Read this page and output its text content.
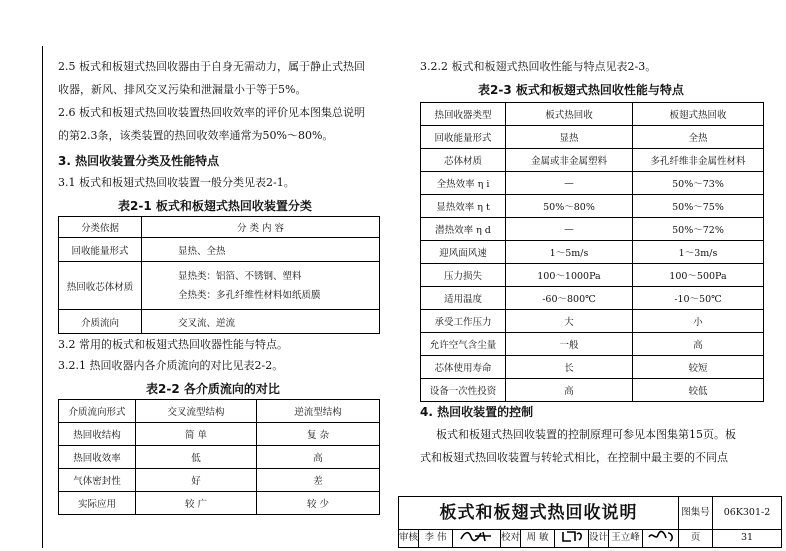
2.5 板式和板翅式热回收器由于自身无需动力，属于静止式热回
收器，新风、排风交叉污染和泄漏量小于等于5%。
2.6 板式和板翅式热回收装置热回收效率的评价见本图集总说明
的第2.3条，该类装置的热回收效率通常为50%～80%。
3. 热回收装置分类及性能特点
3.1 板式和板翅式热回收装置一般分类见表2-1。
表2-1 板式和板翅式热回收装置分类
分类依据	分 类 内 容
回收能量形式	显热、全热
热回收芯体材质	显热类：铝箔、不锈钢、塑料
全热类：多孔纤维性材料如纸质膜

介质流向	交叉流、逆流
3.2 常用的板式和板翅式热回收器性能与特点。
3.2.1 热回收器内各介质流向的对比见表2-2。
表2-2 各介质流向的对比
介质流向形式	交叉流型结构	逆流型结构
热回收结构	简 单	复 杂
热回收效率	低	高
气体密封性	好	差
实际应用	较 广	较 少
3.2.2 板式和板翅式热回收性能与特点见表2-3。
表2-3 板式和板翅式热回收性能与特点
热回收器类型	板式热回收	板翅式热回收
回收能量形式	显热	全热
芯体材质	金属或非金属塑料	多孔纤维非金属性材料
全热效率 η i	—	50%～73%
显热效率 η t	50%～80%	50%～75%
潜热效率 η d	—	50%～72%
迎风面风速	1～5m/s	1～3m/s
压力损失	100～1000Pa	100～500Pa
适用温度	-60～800℃	-10～50℃
承受工作压力	大	小
允许空气含尘量	一般	高
芯体使用寿命	长	较短
设备一次性投资	高	较低
4. 热回收装置的控制
板式和板翅式热回收装置的控制原理可参见本图集第15页。板
式和板翅式热回收装置与转轮式相比，在控制中最主要的不同点
板式和板翅式热回收说明	图集号	06K301-2
审核 李 伟	校对 周 敏	设计 王立峰	页	31
